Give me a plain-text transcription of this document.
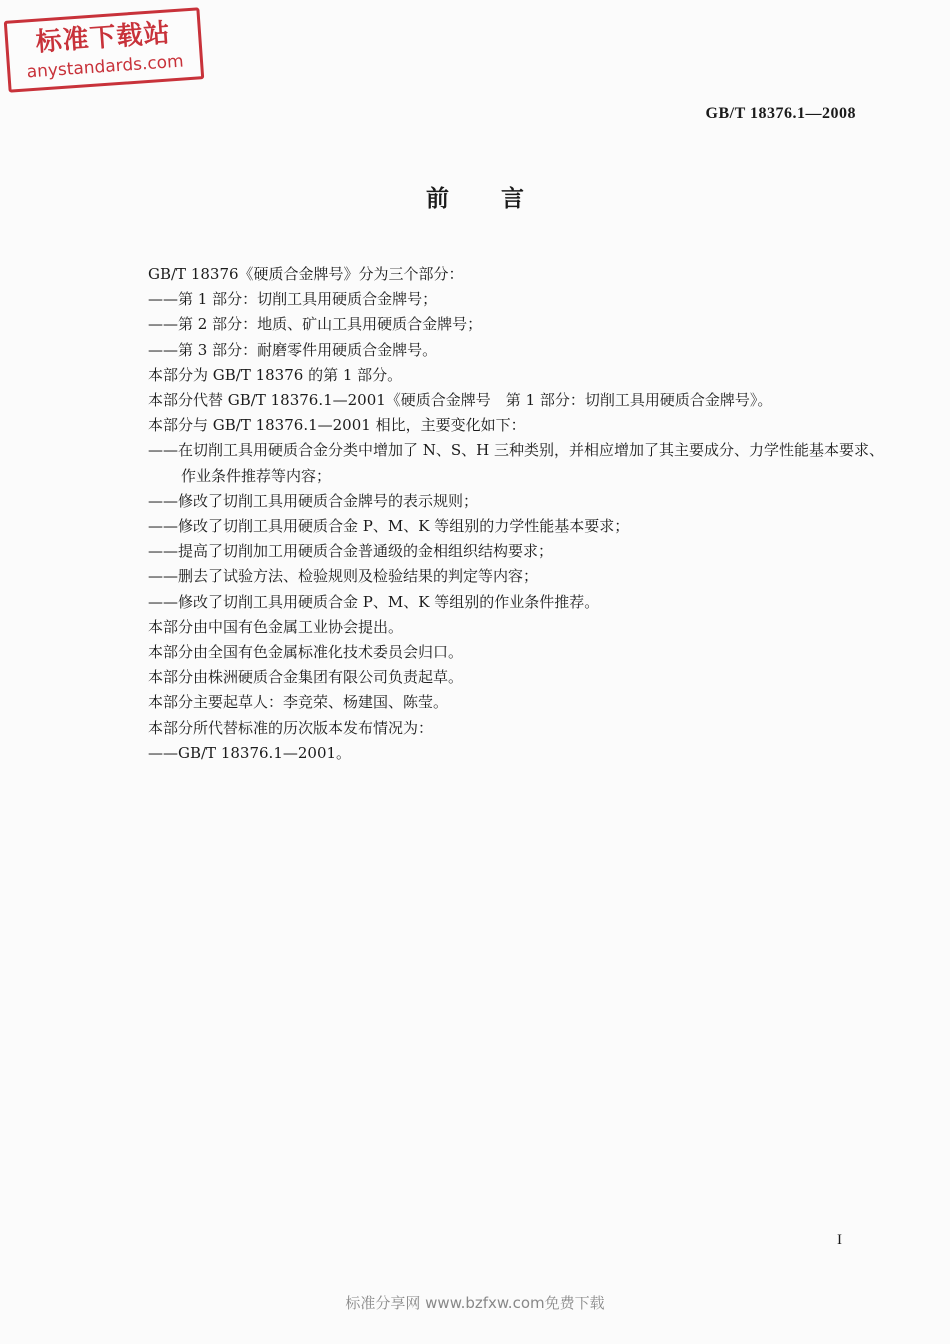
标准下载站
anystandards.com
GB/T 18376.1—2008
前 言
GB/T 18376《硬质合金牌号》分为三个部分：
——第 1 部分：切削工具用硬质合金牌号；
——第 2 部分：地质、矿山工具用硬质合金牌号；
——第 3 部分：耐磨零件用硬质合金牌号。
本部分为 GB/T 18376 的第 1 部分。
本部分代替 GB/T 18376.1—2001《硬质合金牌号　第 1 部分：切削工具用硬质合金牌号》。
本部分与 GB/T 18376.1—2001 相比，主要变化如下：
——在切削工具用硬质合金分类中增加了 N、S、H 三种类别，并相应增加了其主要成分、力学性能基本要求、作业条件推荐等内容；
——修改了切削工具用硬质合金牌号的表示规则；
——修改了切削工具用硬质合金 P、M、K 等组别的力学性能基本要求；
——提高了切削加工用硬质合金普通级的金相组织结构要求；
——删去了试验方法、检验规则及检验结果的判定等内容；
——修改了切削工具用硬质合金 P、M、K 等组别的作业条件推荐。
本部分由中国有色金属工业协会提出。
本部分由全国有色金属标准化技术委员会归口。
本部分由株洲硬质合金集团有限公司负责起草。
本部分主要起草人：李竞荣、杨建国、陈莹。
本部分所代替标准的历次版本发布情况为：
——GB/T 18376.1—2001。
I
标准分享网 www.bzfxw.com免费下载
